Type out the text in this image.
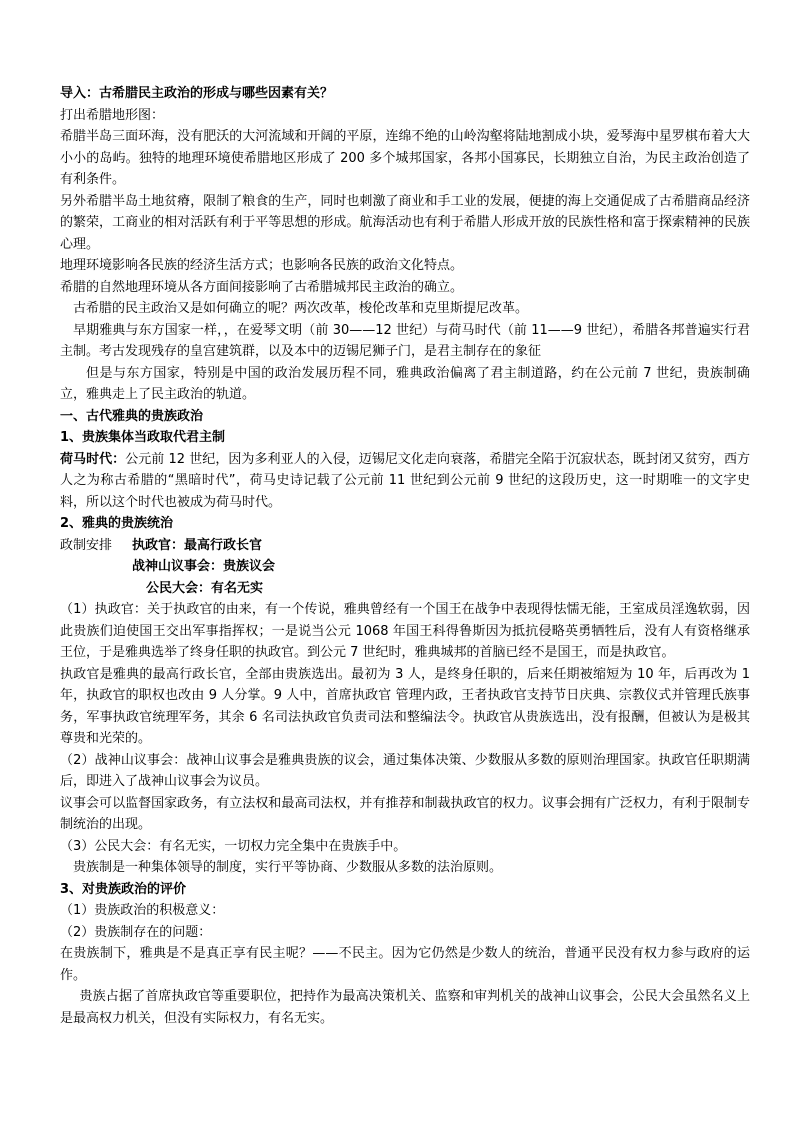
导入：古希腊民主政治的形成与哪些因素有关？

打出希腊地形图：

希腊半岛三面环海，没有肥沃的大河流域和开阔的平原，连绵不绝的山岭沟壑将陆地割成小块，爱琴海中星罗棋布着大大小小的岛屿。独特的地理环境使希腊地区形成了 200 多个城邦国家，各邦小国寡民，长期独立自治，为民主政治创造了有利条件。

另外希腊半岛土地贫瘠，限制了粮食的生产，同时也刺激了商业和手工业的发展，便捷的海上交通促成了古希腊商品经济的繁荣，工商业的相对活跃有利于平等思想的形成。航海活动也有利于希腊人形成开放的民族性格和富于探索精神的民族心理。

地理环境影响各民族的经济生活方式；也影响各民族的政治文化特点。

希腊的自然地理环境从各方面间接影响了古希腊城邦民主政治的确立。

古希腊的民主政治又是如何确立的呢？两次改革，梭伦改革和克里斯提尼改革。

早期雅典与东方国家一样，，在爱琴文明（前 30——12 世纪）与荷马时代（前 11——9 世纪），希腊各邦普遍实行君主制。考古发现残存的皇宫建筑群，以及本中的迈锡尼狮子门，是君主制存在的象征

但是与东方国家，特别是中国的政治发展历程不同，雅典政治偏离了君主制道路，约在公元前 7 世纪，贵族制确立，雅典走上了民主政治的轨道。

一、古代雅典的贵族政治

1、贵族集体当政取代君主制

荷马时代：公元前 12 世纪，因为多利亚人的入侵，迈锡尼文化走向衰落，希腊完全陷于沉寂状态，既封闭又贫穷，西方人之为称古希腊的“黑暗时代”，荷马史诗记载了公元前 11 世纪到公元前 9 世纪的这段历史，这一时期唯一的文字史料，所以这个时代也被成为荷马时代。

2、雅典的贵族统治

政制安排 执政官：最高行政长官

战神山议事会：贵族议会

公民大会：有名无实

（1）执政官：关于执政官的由来，有一个传说，雅典曾经有一个国王在战争中表现得怯懦无能，王室成员淫逸软弱，因此贵族们迫使国王交出军事指挥权；一是说当公元 1068 年国王科得鲁斯因为抵抗侵略英勇牺牲后，没有人有资格继承王位，于是雅典选举了终身任职的执政官。到公元 7 世纪时，雅典城邦的首脑已经不是国王，而是执政官。

执政官是雅典的最高行政长官，全部由贵族选出。最初为 3 人，是终身任职的，后来任期被缩短为 10 年，后再改为 1 年，执政官的职权也改由 9 人分掌。9 人中，首席执政官 管理内政，王者执政官支持节日庆典、宗教仪式并管理氏族事务，军事执政官统理军务，其余 6 名司法执政官负责司法和整编法令。执政官从贵族选出，没有报酬，但被认为是极其尊贵和光荣的。

（2）战神山议事会：战神山议事会是雅典贵族的议会，通过集体决策、少数服从多数的原则治理国家。执政官任职期满后，即进入了战神山议事会为议员。

议事会可以监督国家政务，有立法权和最高司法权，并有推荐和制裁执政官的权力。议事会拥有广泛权力，有利于限制专制统治的出现。

（3）公民大会：有名无实，一切权力完全集中在贵族手中。

贵族制是一种集体领导的制度，实行平等协商、少数服从多数的法治原则。

3、对贵族政治的评价

（1）贵族政治的积极意义：

（2）贵族制存在的问题：

在贵族制下，雅典是不是真正享有民主呢？——不民主。因为它仍然是少数人的统治，普通平民没有权力参与政府的运作。

贵族占据了首席执政官等重要职位，把持作为最高决策机关、监察和审判机关的战神山议事会，公民大会虽然名义上是最高权力机关，但没有实际权力，有名无实。
